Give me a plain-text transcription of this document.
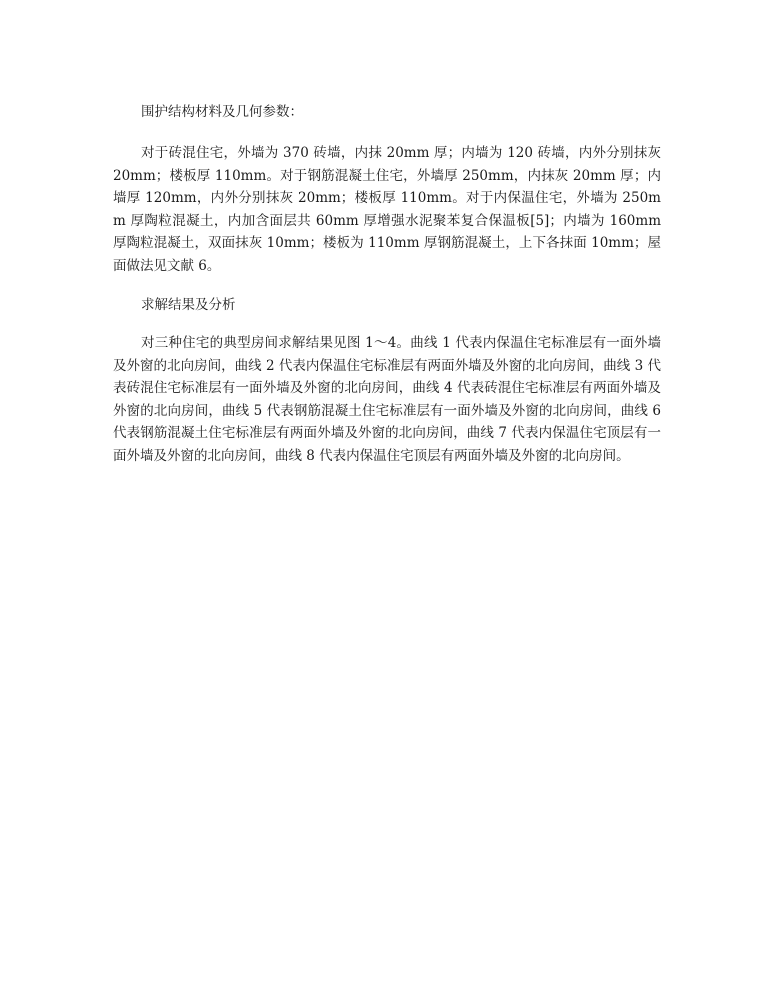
围护结构材料及几何参数：

对于砖混住宅，外墙为 370 砖墙，内抹 20mm 厚；内墙为 120 砖墙，内外分别抹灰 20mm；楼板厚 110mm。对于钢筋混凝土住宅，外墙厚 250mm，内抹灰 20mm 厚；内墙厚 120mm，内外分别抹灰 20mm；楼板厚 110mm。对于内保温住宅，外墙为 250mm 厚陶粒混凝土，内加含面层共 60mm 厚增强水泥聚苯复合保温板[5]；内墙为 160mm 厚陶粒混凝土，双面抹灰 10mm；楼板为 110mm 厚钢筋混凝土，上下各抹面 10mm；屋面做法见文献 6。

求解结果及分析

对三种住宅的典型房间求解结果见图 1～4。曲线 1 代表内保温住宅标准层有一面外墙及外窗的北向房间，曲线 2 代表内保温住宅标准层有两面外墙及外窗的北向房间，曲线 3 代表砖混住宅标准层有一面外墙及外窗的北向房间，曲线 4 代表砖混住宅标准层有两面外墙及外窗的北向房间，曲线 5 代表钢筋混凝土住宅标准层有一面外墙及外窗的北向房间，曲线 6 代表钢筋混凝土住宅标准层有两面外墙及外窗的北向房间，曲线 7 代表内保温住宅顶层有一面外墙及外窗的北向房间，曲线 8 代表内保温住宅顶层有两面外墙及外窗的北向房间。
